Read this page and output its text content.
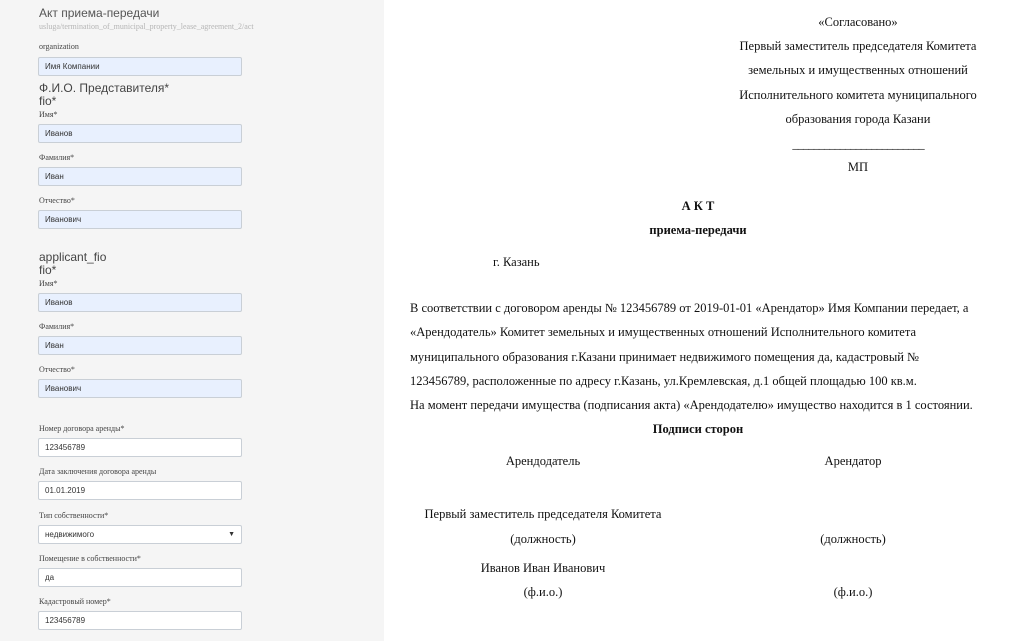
Акт приема-передачи
usluga/termination_of_municipal_property_lease_agreement_2/act
organization
Имя Компании
Ф.И.О. Представителя*
fio*
Имя*
Иванов
Фамилия*
Иван
Отчество*
Иванович
applicant_fio
fio*
Имя*
Иванов
Фамилия*
Иван
Отчество*
Иванович
Номер договора аренды*
123456789
Дата заключения договора аренды
01.01.2019
Тип собственности*
недвижимого	▼
Помещение в собственности*
да
Кадастровый номер*
123456789
«Согласовано»
Первый заместитель председателя Комитета
земельных и имущественных отношений
Исполнительного комитета муниципального
образования города Казани
_________________________
МП
А К Т
приема-передачи
г. Казань
В соответствии с договором аренды № 123456789 от 2019-01-01 «Арендатор» Имя Компании передает, а
«Арендодатель» Комитет земельных и имущественных отношений Исполнительного комитета
муниципального образования г.Казани принимает недвижимого помещения да, кадастровый №
123456789, расположенные по адресу г.Казань, ул.Кремлевская, д.1 общей площадью 100 кв.м.
На момент передачи имущества (подписания акта) «Арендодателю» имущество находится в 1 состоянии.
Подписи сторон
Арендодатель	Арендатор
Первый заместитель председателя Комитета
(должность)	(должность)
Иванов Иван Иванович
(ф.и.о.)	(ф.и.о.)
